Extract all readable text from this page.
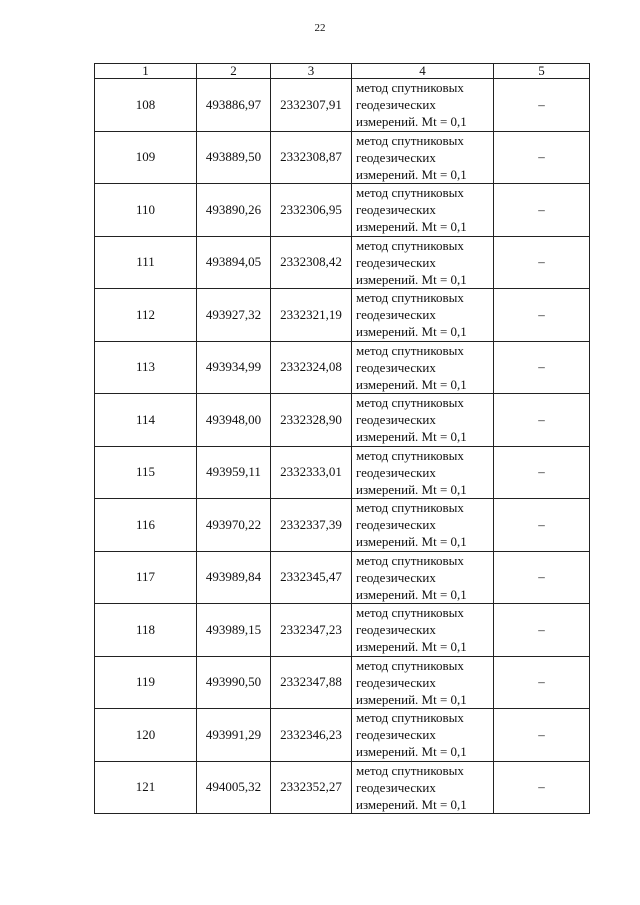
22
1	2	3	4	5
108	493886,97	2332307,91	метод спутниковых
геодезических
измерений. Mt = 0,1	–
109	493889,50	2332308,87	метод спутниковых
геодезических
измерений. Mt = 0,1	–
110	493890,26	2332306,95	метод спутниковых
геодезических
измерений. Mt = 0,1	–
111	493894,05	2332308,42	метод спутниковых
геодезических
измерений. Mt = 0,1	–
112	493927,32	2332321,19	метод спутниковых
геодезических
измерений. Mt = 0,1	–
113	493934,99	2332324,08	метод спутниковых
геодезических
измерений. Mt = 0,1	–
114	493948,00	2332328,90	метод спутниковых
геодезических
измерений. Mt = 0,1	–
115	493959,11	2332333,01	метод спутниковых
геодезических
измерений. Mt = 0,1	–
116	493970,22	2332337,39	метод спутниковых
геодезических
измерений. Mt = 0,1	–
117	493989,84	2332345,47	метод спутниковых
геодезических
измерений. Mt = 0,1	–
118	493989,15	2332347,23	метод спутниковых
геодезических
измерений. Mt = 0,1	–
119	493990,50	2332347,88	метод спутниковых
геодезических
измерений. Mt = 0,1	–
120	493991,29	2332346,23	метод спутниковых
геодезических
измерений. Mt = 0,1	–
121	494005,32	2332352,27	метод спутниковых
геодезических
измерений. Mt = 0,1	–
